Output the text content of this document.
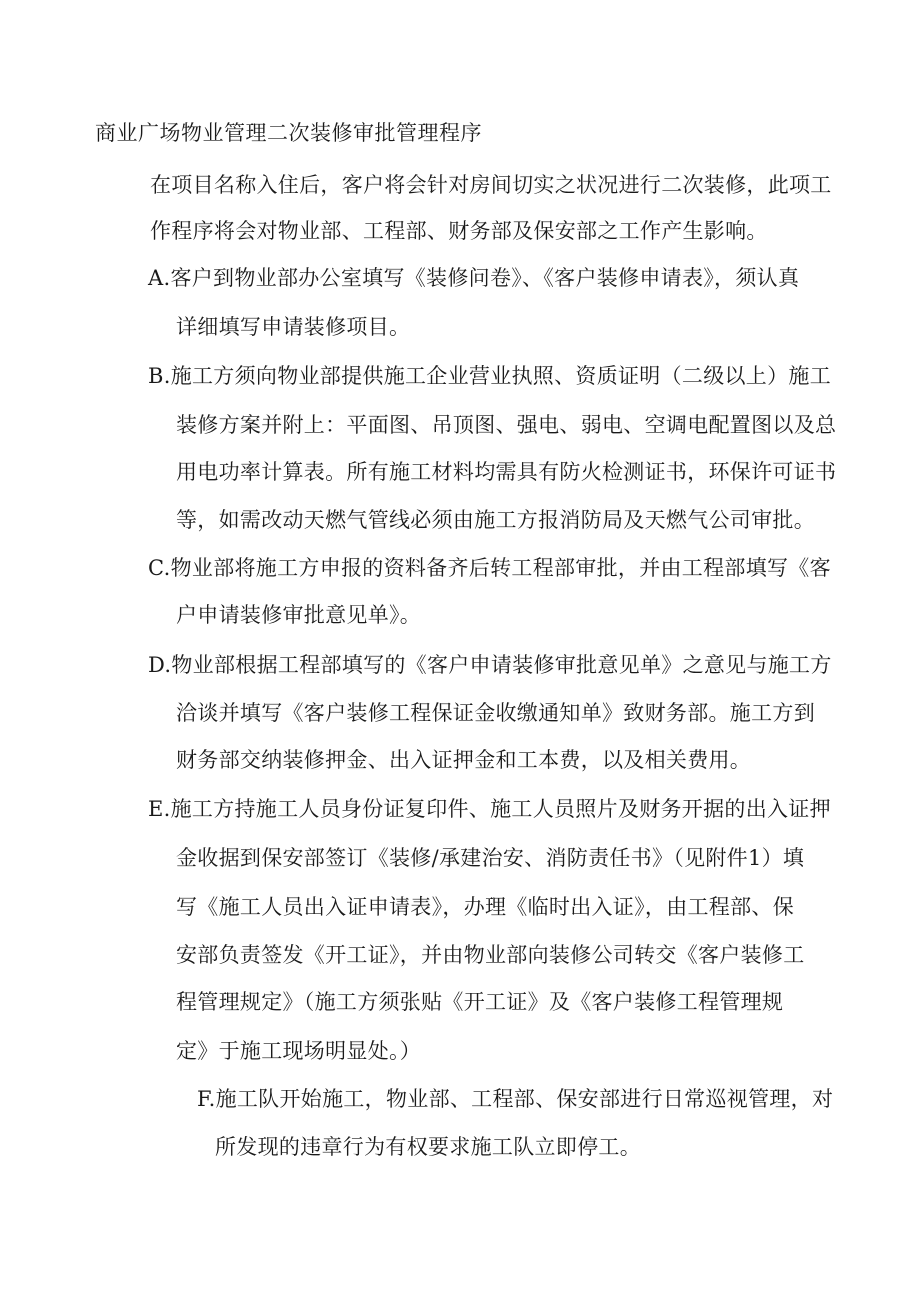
商业广场物业管理二次装修审批管理程序
在项目名称入住后，客户将会针对房间切实之状况进行二次装修，此项工
作程序将会对物业部、工程部、财务部及保安部之工作产生影响。
A.客户到物业部办公室填写《装修问卷》、《客户装修申请表》，须认真
详细填写申请装修项目。
B.施工方须向物业部提供施工企业营业执照、资质证明（二级以上）施工
装修方案并附上：平面图、吊顶图、强电、弱电、空调电配置图以及总
用电功率计算表。所有施工材料均需具有防火检测证书，环保许可证书
等，如需改动天燃气管线必须由施工方报消防局及天燃气公司审批。
C.物业部将施工方申报的资料备齐后转工程部审批，并由工程部填写《客
户申请装修审批意见单》。
D.物业部根据工程部填写的《客户申请装修审批意见单》之意见与施工方
洽谈并填写《客户装修工程保证金收缴通知单》致财务部。施工方到
财务部交纳装修押金、出入证押金和工本费，以及相关费用。
E.施工方持施工人员身份证复印件、施工人员照片及财务开据的出入证押
金收据到保安部签订《装修/承建治安、消防责任书》（见附件1）填
写《施工人员出入证申请表》，办理《临时出入证》，由工程部、保
安部负责签发《开工证》，并由物业部向装修公司转交《客户装修工
程管理规定》（施工方须张贴《开工证》及《客户装修工程管理规
定》于施工现场明显处。）
F.施工队开始施工，物业部、工程部、保安部进行日常巡视管理，对
所发现的违章行为有权要求施工队立即停工。
